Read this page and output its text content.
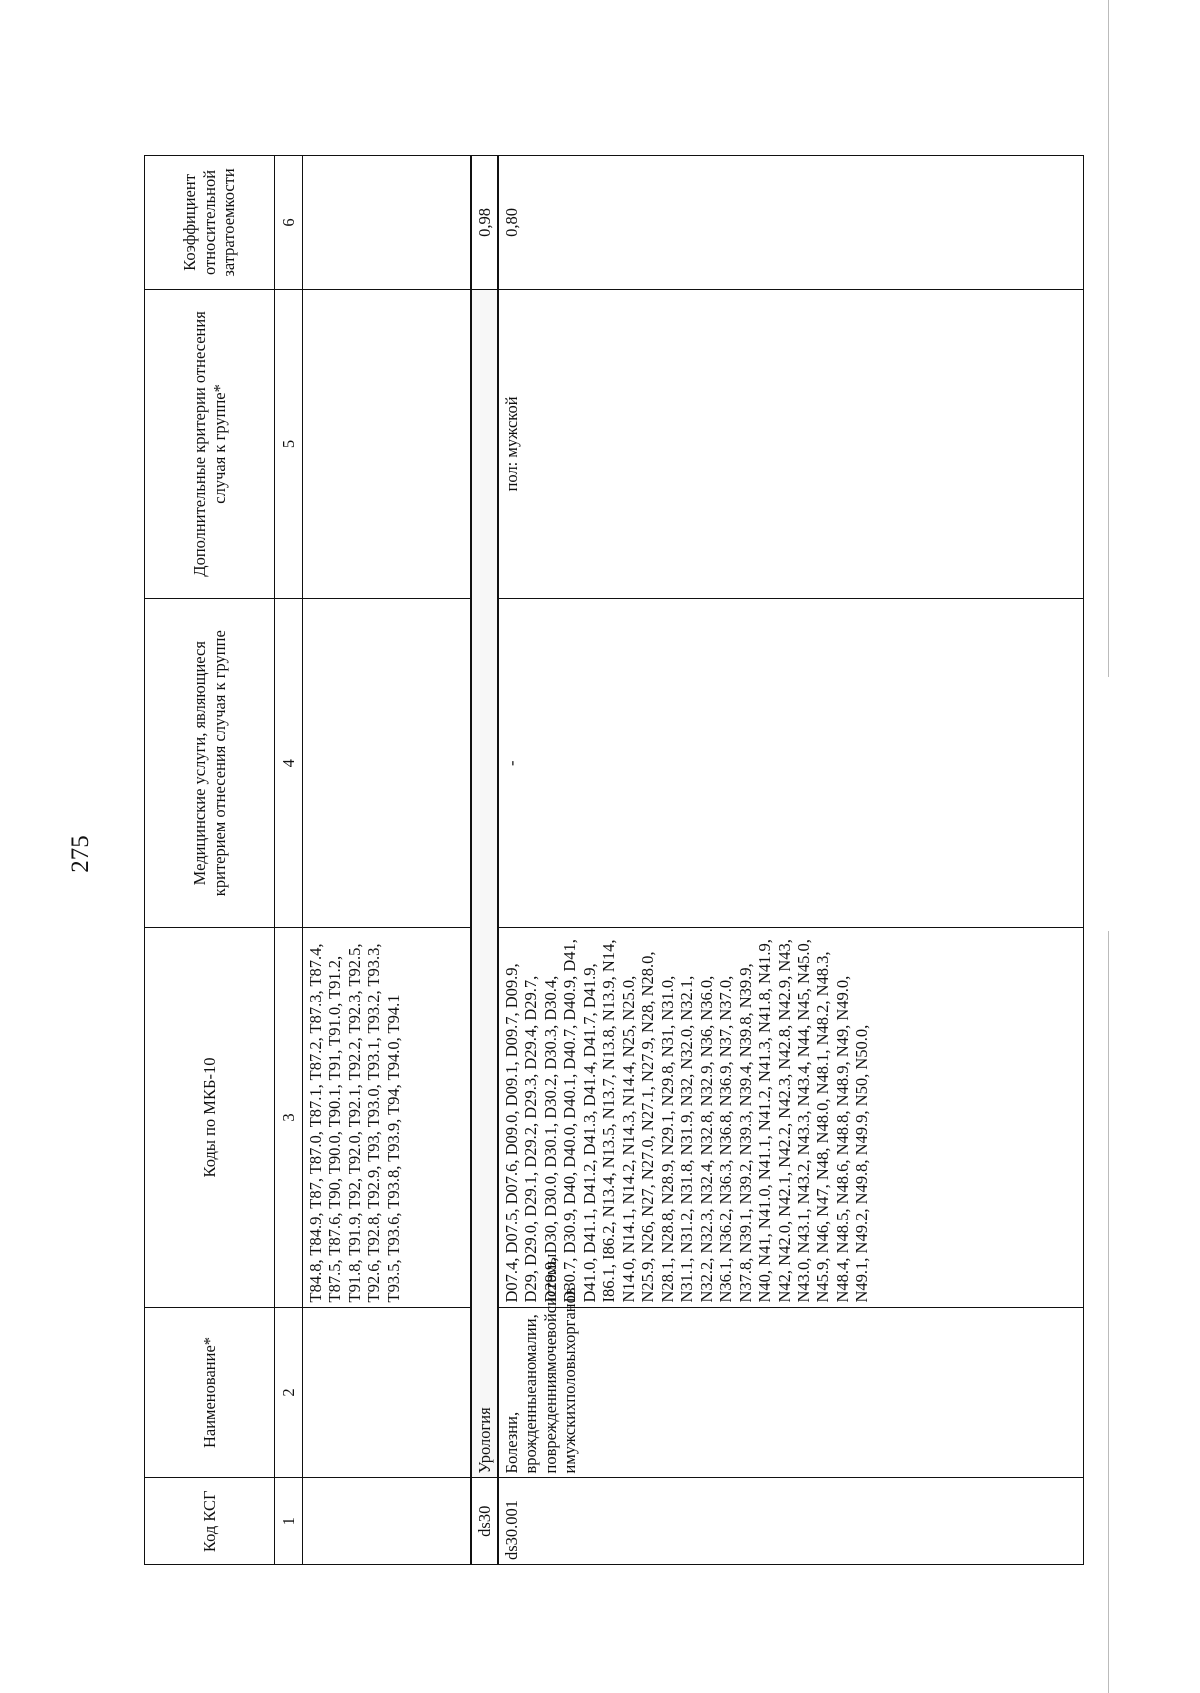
275
Код КСГ	Наименование*	Коды по МКБ-10	Медицинские услуги, являющиеся критерием отнесения случая к группе	Дополнительные критерии отнесения случая к группе*	Коэффициент относительной затратоемкости
1	2	3	4	5	6
		T84.8, T84.9, T87, T87.0, T87.1, T87.2, T87.3, T87.4, T87.5, T87.6, T90, T90.0, T90.1, T91, T91.0, T91.2, T91.8, T91.9, T92, T92.0, T92.1, T92.2, T92.3, T92.5, T92.6, T92.8, T92.9, T93, T93.0, T93.1, T93.2, T93.3, T93.5, T93.6, T93.8, T93.9, T94, T94.0, T94.1			
ds30	Урология				0,98
ds30.001	Болезни, врожденныеаномалии, поврежденниямочевойсистемы имужскихполовыхорганов	D07.4, D07.5, D07.6, D09.0, D09.1, D09.7, D09.9, D29, D29.0, D29.1, D29.2, D29.3, D29.4, D29.7, D29.9, D30, D30.0, D30.1, D30.2, D30.3, D30.4, D30.7, D30.9, D40, D40.0, D40.1, D40.7, D40.9, D41, D41.0, D41.1, D41.2, D41.3, D41.4, D41.7, D41.9, I86.1, I86.2, N13.4, N13.5, N13.7, N13.8, N13.9, N14, N14.0, N14.1, N14.2, N14.3, N14.4, N25, N25.0, N25.9, N26, N27, N27.0, N27.1, N27.9, N28, N28.0, N28.1, N28.8, N28.9, N29.1, N29.8, N31, N31.0, N31.1, N31.2, N31.8, N31.9, N32, N32.0, N32.1, N32.2, N32.3, N32.4, N32.8, N32.9, N36, N36.0, N36.1, N36.2, N36.3, N36.8, N36.9, N37, N37.0, N37.8, N39.1, N39.2, N39.3, N39.4, N39.8, N39.9, N40, N41, N41.0, N41.1, N41.2, N41.3, N41.8, N41.9, N42, N42.0, N42.1, N42.2, N42.3, N42.8, N42.9, N43, N43.0, N43.1, N43.2, N43.3, N43.4, N44, N45, N45.0, N45.9, N46, N47, N48, N48.0, N48.1, N48.2, N48.3, N48.4, N48.5, N48.6, N48.8, N48.9, N49, N49.0, N49.1, N49.2, N49.8, N49.9, N50, N50.0,	-	пол: мужской	0,80
